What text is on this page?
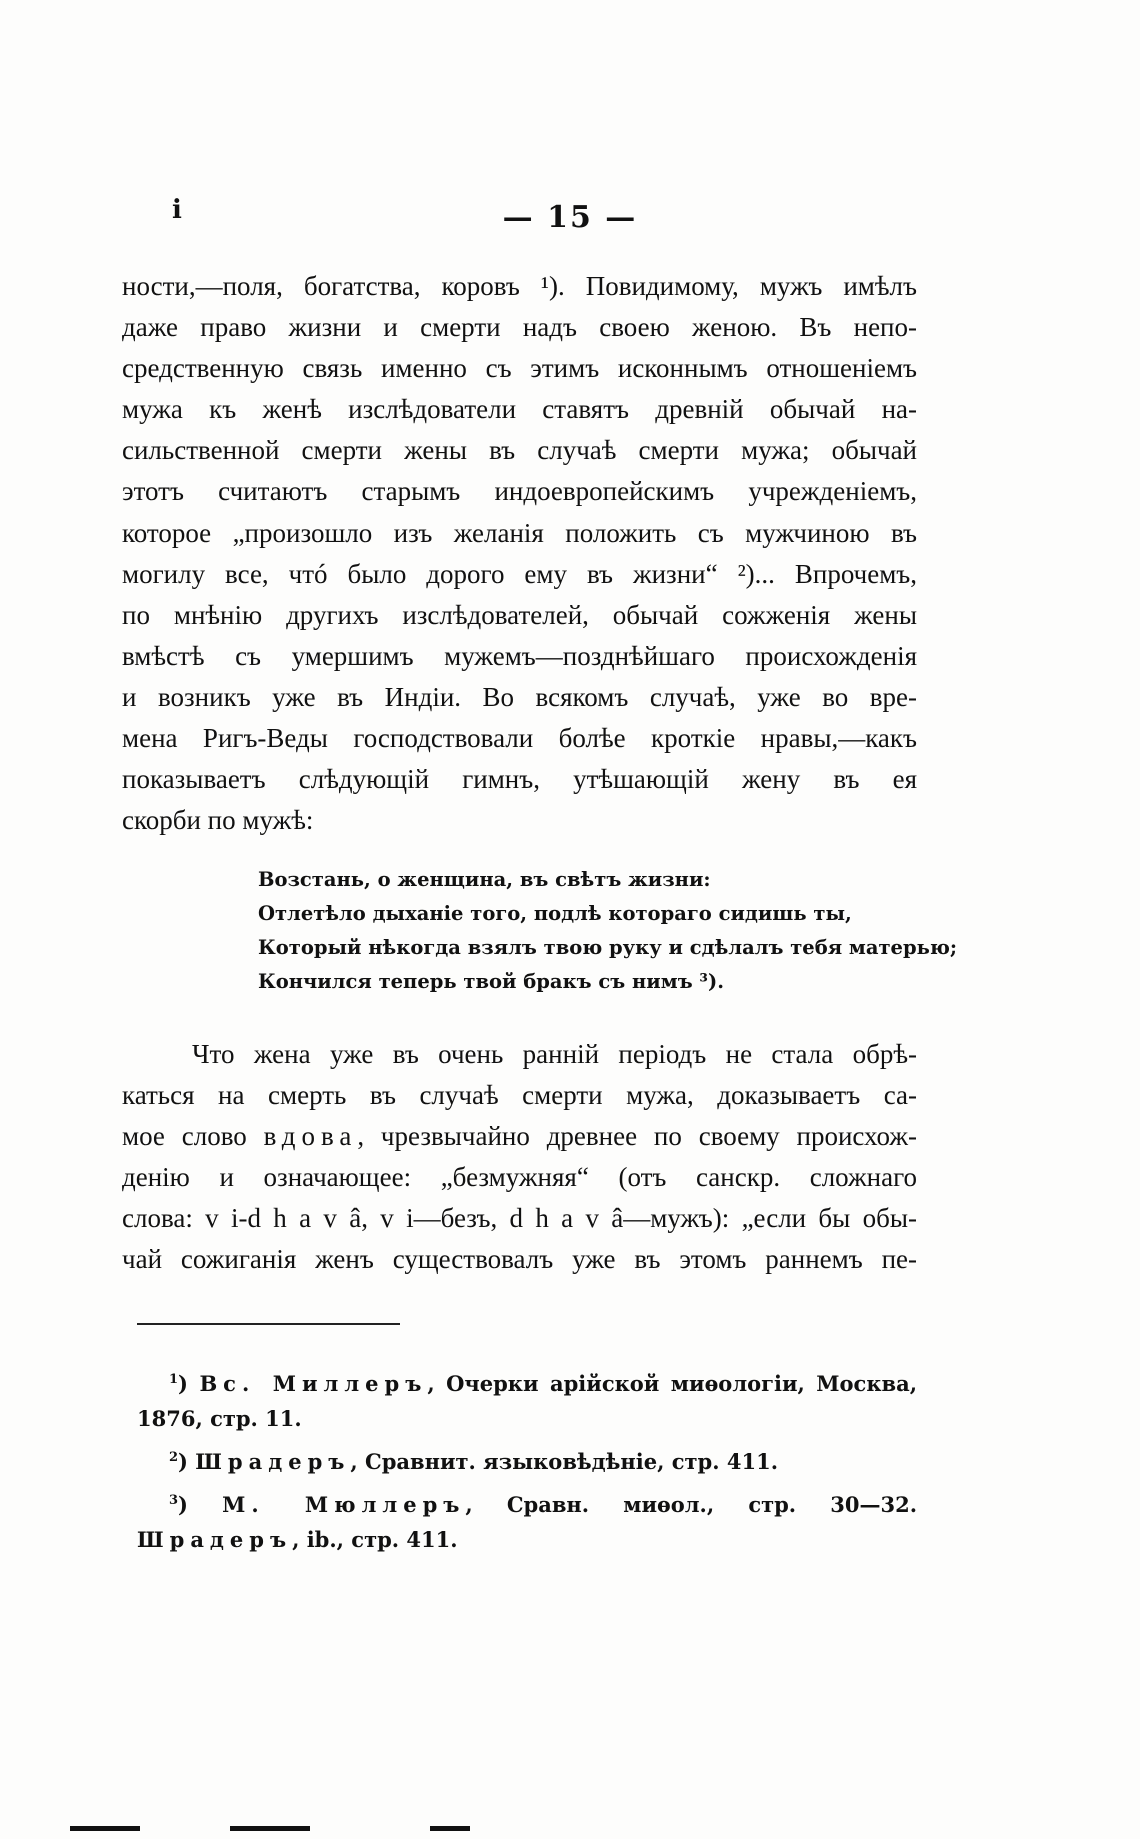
і	— 15 —
ности,—поля, богатства, коровъ ¹). Повидимому, мужъ имѣлъ
даже право жизни и смерти надъ своею женою. Въ непо-
средственную связь именно съ этимъ исконнымъ отношеніемъ
мужа къ женѣ изслѣдователи ставятъ древній обычай на-
сильственной смерти жены въ случаѣ смерти мужа; обычай
этотъ считаютъ старымъ индоевропейскимъ учрежденіемъ,
которое „произошло изъ желанія положить съ мужчиною въ
могилу все, чтó было дорого ему въ жизни“ ²)... Впрочемъ,
по мнѣнію другихъ изслѣдователей, обычай сожженія жены
вмѣстѣ съ умершимъ мужемъ—позднѣйшаго происхожденія
и возникъ уже въ Индіи. Во всякомъ случаѣ, уже во вре-
мена Ригъ-Веды господствовали болѣе кроткіе нравы,—какъ
показываетъ слѣдующій гимнъ, утѣшающій жену въ ея
скорби по мужѣ:
Возстань, о женщина, въ свѣтъ жизни:
Отлетѣло дыханіе того, подлѣ котораго сидишь ты,
Который нѣкогда взялъ твою руку и сдѣлалъ тебя матерью;
Кончился теперь твой бракъ съ нимъ ³).
Что жена уже въ очень ранній періодъ не стала обрѣ-
каться на смерть въ случаѣ смерти мужа, доказываетъ са-
мое слово вдова, чрезвычайно древнее по своему происхож-
денію и означающее: „безмужняя“ (отъ санскр. сложнаго
слова: v i-d h a v â, v i—безъ, d h a v â—мужъ): „если бы обы-
чай сожиганія женъ существовалъ уже въ этомъ раннемъ пе-
$^1$) Вс. Миллеръ, Очерки арійской миѳологіи, Москва, 1876, стр. 11.
$^2$) Шрадеръ, Сравнит. языковѣдѣніе, стр. 411.
$^3$) М. Мюллеръ, Сравн. миѳол., стр. 30—32. Шрадеръ, ib., стр. 411.
